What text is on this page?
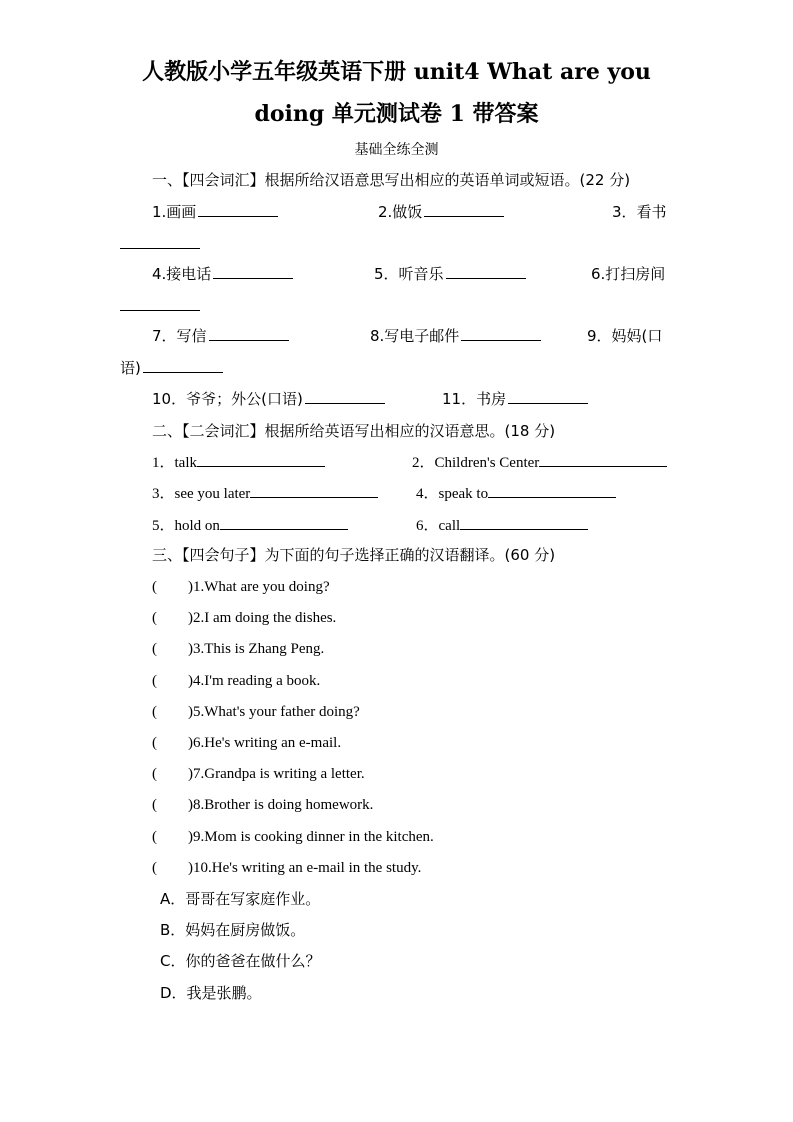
人教版小学五年级英语下册 unit4 What are you
doing 单元测试卷 1 带答案
基础全练全测
一、【四会词汇】根据所给汉语意思写出相应的英语单词或短语。(22 分)
1.画画	2.做饭	3．看书
4.接电话	5．听音乐	6.打扫房间
7．写信	8.写电子邮件	9．妈妈(口
语)
10．爷爷；外公(口语)	11．书房
二、【二会词汇】根据所给英语写出相应的汉语意思。(18 分)
1．talk	2．Children's Center
3．see you later	4．speak to
5．hold on	6．call
三、【四会句子】为下面的句子选择正确的汉语翻译。(60 分)
( )1.What are you doing?
( )2.I am doing the dishes.
( )3.This is Zhang Peng.
( )4.I'm reading a book.
( )5.What's your father doing?
( )6.He's writing an e-mail.
( )7.Grandpa is writing a letter.
( )8.Brother is doing homework.
( )9.Mom is cooking dinner in the kitchen.
( )10.He's writing an e-mail in the study.
A．哥哥在写家庭作业。
B．妈妈在厨房做饭。
C．你的爸爸在做什么？
D．我是张鹏。
